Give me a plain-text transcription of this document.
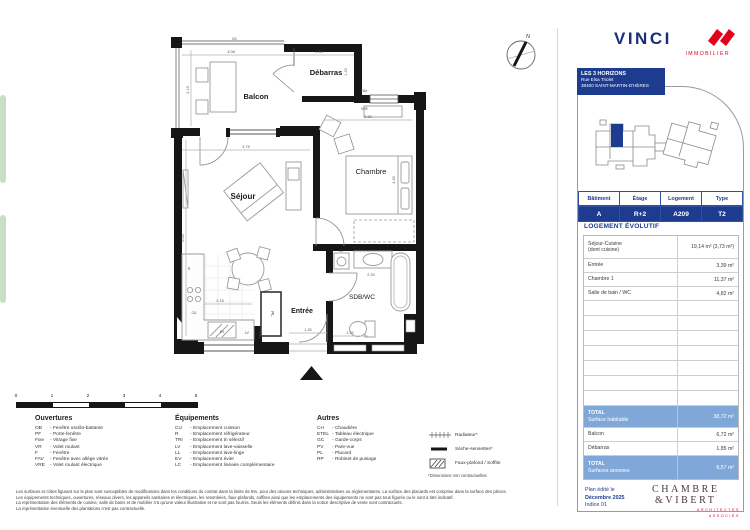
VINCI
IMMOBILIER
LES 3 HORIZONS
Rue Elsa Triolet
38400 SAINT-MARTIN-D'HÈRES
Bâtiment	Étage	Logement	Type
A	R+2	A209	T2
LOGEMENT ÉVOLUTIF
Séjour-Cuisine
(dont cuisine)	19,14 m² (3,73 m²)
Entrée	3,39 m²
Chambre 1	11,37 m²
Salle de bain / WC	4,82 m²
TOTAL
Surface habitable	38,72 m²
Balcon	6,72 m²
Débarras	1,85 m²
TOTAL
Surfaces annexes	8,57 m²
Plan édité le
Décembre 2025
Indice 01
CHAMBRE
&VIBERT
ARCHITECTES
ASSOCIÉS
3.08	1.54
2.13
1.20
3.75
5.05
2.82
4.30
2.15
2.20
1.30
1.32
GC
FAV
VRE
PL
ETEL
R
CU
EV	LV
LL
Balcon
Débarras
Séjour
Chambre
Entrée
SDB/WC
N
0	1	2	3	4	5
Ouvertures
OB - Fenêtre oscillo-battante
PF - Porte-fenêtre
Fixe - Vitrage fixe
VR - Volet roulant
F	- Fenêtre
FAV - Fenêtre avec allège vitrée
VRE - Volet roulant électrique
Équipements
CU - Emplacement cuisson
R	- Emplacement réfrigérateur
TRI - Emplacement tri sélectif
LV	- Emplacement lave-vaisselle
LL	- Emplacement lave-linge
EV - Emplacement évier
LC - Emplacement linéaire complémentaire
Autres
CH - Chaudière
ETEL - Tableau électrique
GC - Garde-corps
PV - Pare-vue
PL	- Placard
RP - Robinet de puisage
Radiateur*
Sèche-serviettes*
Faux-plafond / Soffite
*Dimensions non contractuelles
Les surfaces et côtes figurant sur le plan sont susceptibles de modifications dans les conditions du contrat dans la limite de 5%, pour des raisons techniques, administratives ou réglementaires. La surface des placards est comprise dans la surface des pièces.
Les équipements techniques, ouvertures, réseaux divers, les appareils sanitaires et électriques, les retombées, faux-plafonds, soffites ainsi que les emplacements des équipements ne sont pas tous figurés ou le sont à titre indicatif.
La représentation des éléments de cuisine, salle de bains et de mobilier n'a qu'une valeur illustrative et ne sont pas fournis. Seuls les éléments définis dans la notice descriptive de vente sont contractuels.
La représentation éventuelle des plantations n'est pas contractuelle.
